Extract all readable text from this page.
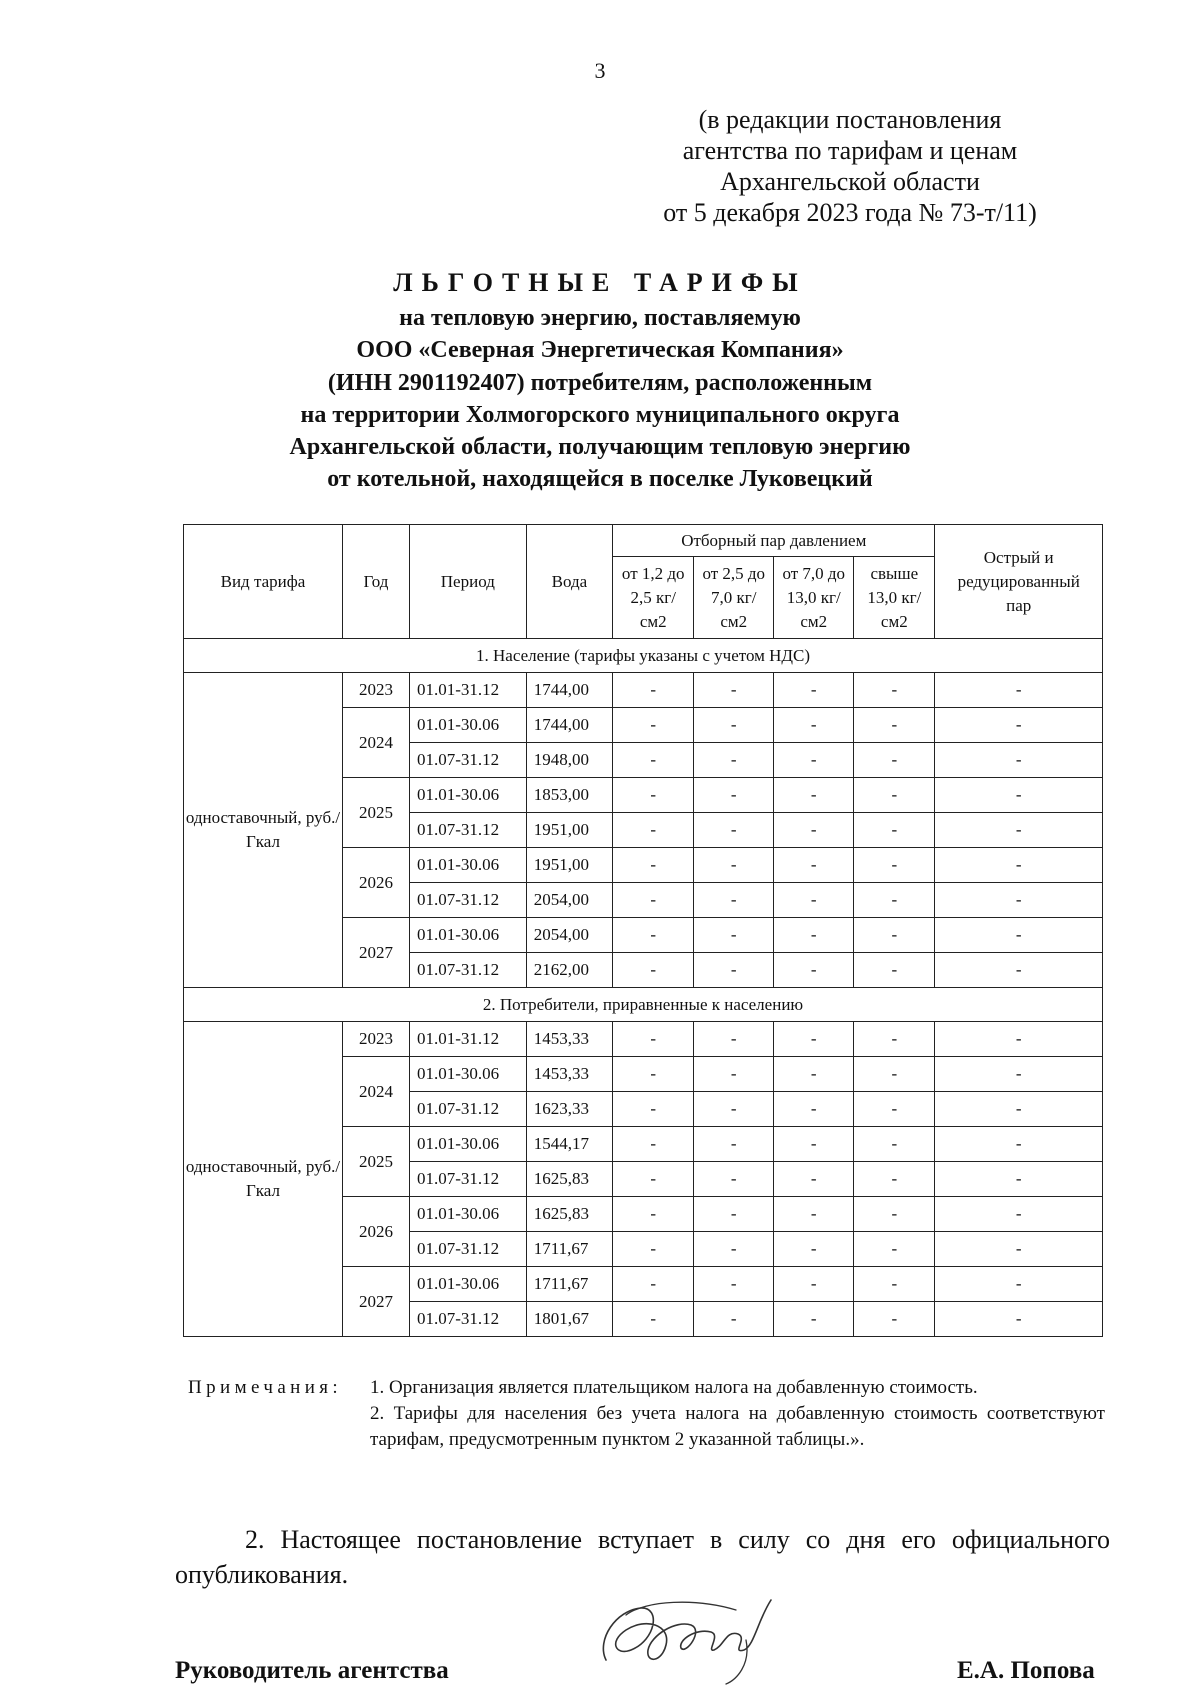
3
(в редакции постановления
агентства по тарифам и ценам
Архангельской области
от 5 декабря 2023 года № 73-т/11)
ЛЬГОТНЫЕ ТАРИФЫ
на тепловую энергию, поставляемую
ООО «Северная Энергетическая Компания»
(ИНН 2901192407) потребителям, расположенным
на территории Холмогорского муниципального округа
Архангельской области, получающим тепловую энергию
от котельной, находящейся в поселке Луковецкий
Вид тарифа	Год	Период	Вода	Отборный пар давлением				Острый и редуцированный пар
				от 1,2 до 2,5 кг/см2	от 2,5 до 7,0 кг/см2	от 7,0 до 13,0 кг/см2	свыше 13,0 кг/см2	
1. Население (тарифы указаны с учетом НДС)								
одноставочный, руб./Гкал	2023	01.01-31.12	1744,00	-	-	-	-	-
	2024	01.01-30.06	1744,00	-	-	-	-	-
		01.07-31.12	1948,00	-	-	-	-	-
	2025	01.01-30.06	1853,00	-	-	-	-	-
		01.07-31.12	1951,00	-	-	-	-	-
	2026	01.01-30.06	1951,00	-	-	-	-	-
		01.07-31.12	2054,00	-	-	-	-	-
	2027	01.01-30.06	2054,00	-	-	-	-	-
		01.07-31.12	2162,00	-	-	-	-	-
2. Потребители, приравненные к населению								
одноставочный, руб./Гкал	2023	01.01-31.12	1453,33	-	-	-	-	-
	2024	01.01-30.06	1453,33	-	-	-	-	-
		01.07-31.12	1623,33	-	-	-	-	-
	2025	01.01-30.06	1544,17	-	-	-	-	-
		01.07-31.12	1625,83	-	-	-	-	-
	2026	01.01-30.06	1625,83	-	-	-	-	-
		01.07-31.12	1711,67	-	-	-	-	-
	2027	01.01-30.06	1711,67	-	-	-	-	-
		01.07-31.12	1801,67	-	-	-	-	-
Примечания: 1. Организация является плательщиком налога на добавленную стоимость.
2. Тарифы для населения без учета налога на добавленную стоимость соответствуют тарифам, предусмотренным пунктом 2 указанной таблицы.».
2. Настоящее постановление вступает в силу со дня его официального опубликования.
Руководитель агентства	Е.А. Попова
